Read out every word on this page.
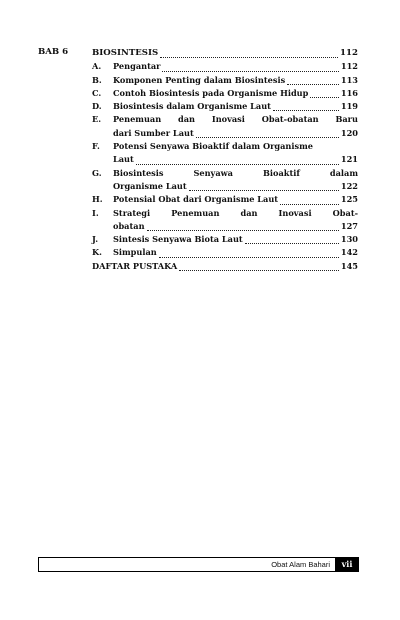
BAB 6	BIOSINTESIS	112
A.	Pengantar	112
B.	Komponen Penting dalam Biosintesis	113
C.	Contoh Biosintesis pada Organisme Hidup	116
D.	Biosintesis dalam Organisme Laut	119
E.	Penemuan dan Inovasi Obat-obatan Baru
dari Sumber Laut	120
F.	Potensi Senyawa Bioaktif dalam Organisme
Laut	121
G.	Biosintesis	Senyawa	Bioaktif	dalam
Organisme Laut	122
H.	Potensial Obat dari Organisme Laut	125
I.	Strategi	Penemuan	dan	Inovasi	Obat-
obatan	127
J.	Sintesis Senyawa Biota Laut	130
K.	Simpulan	142
DAFTAR PUSTAKA	145
Obat Alam Bahari	vii
